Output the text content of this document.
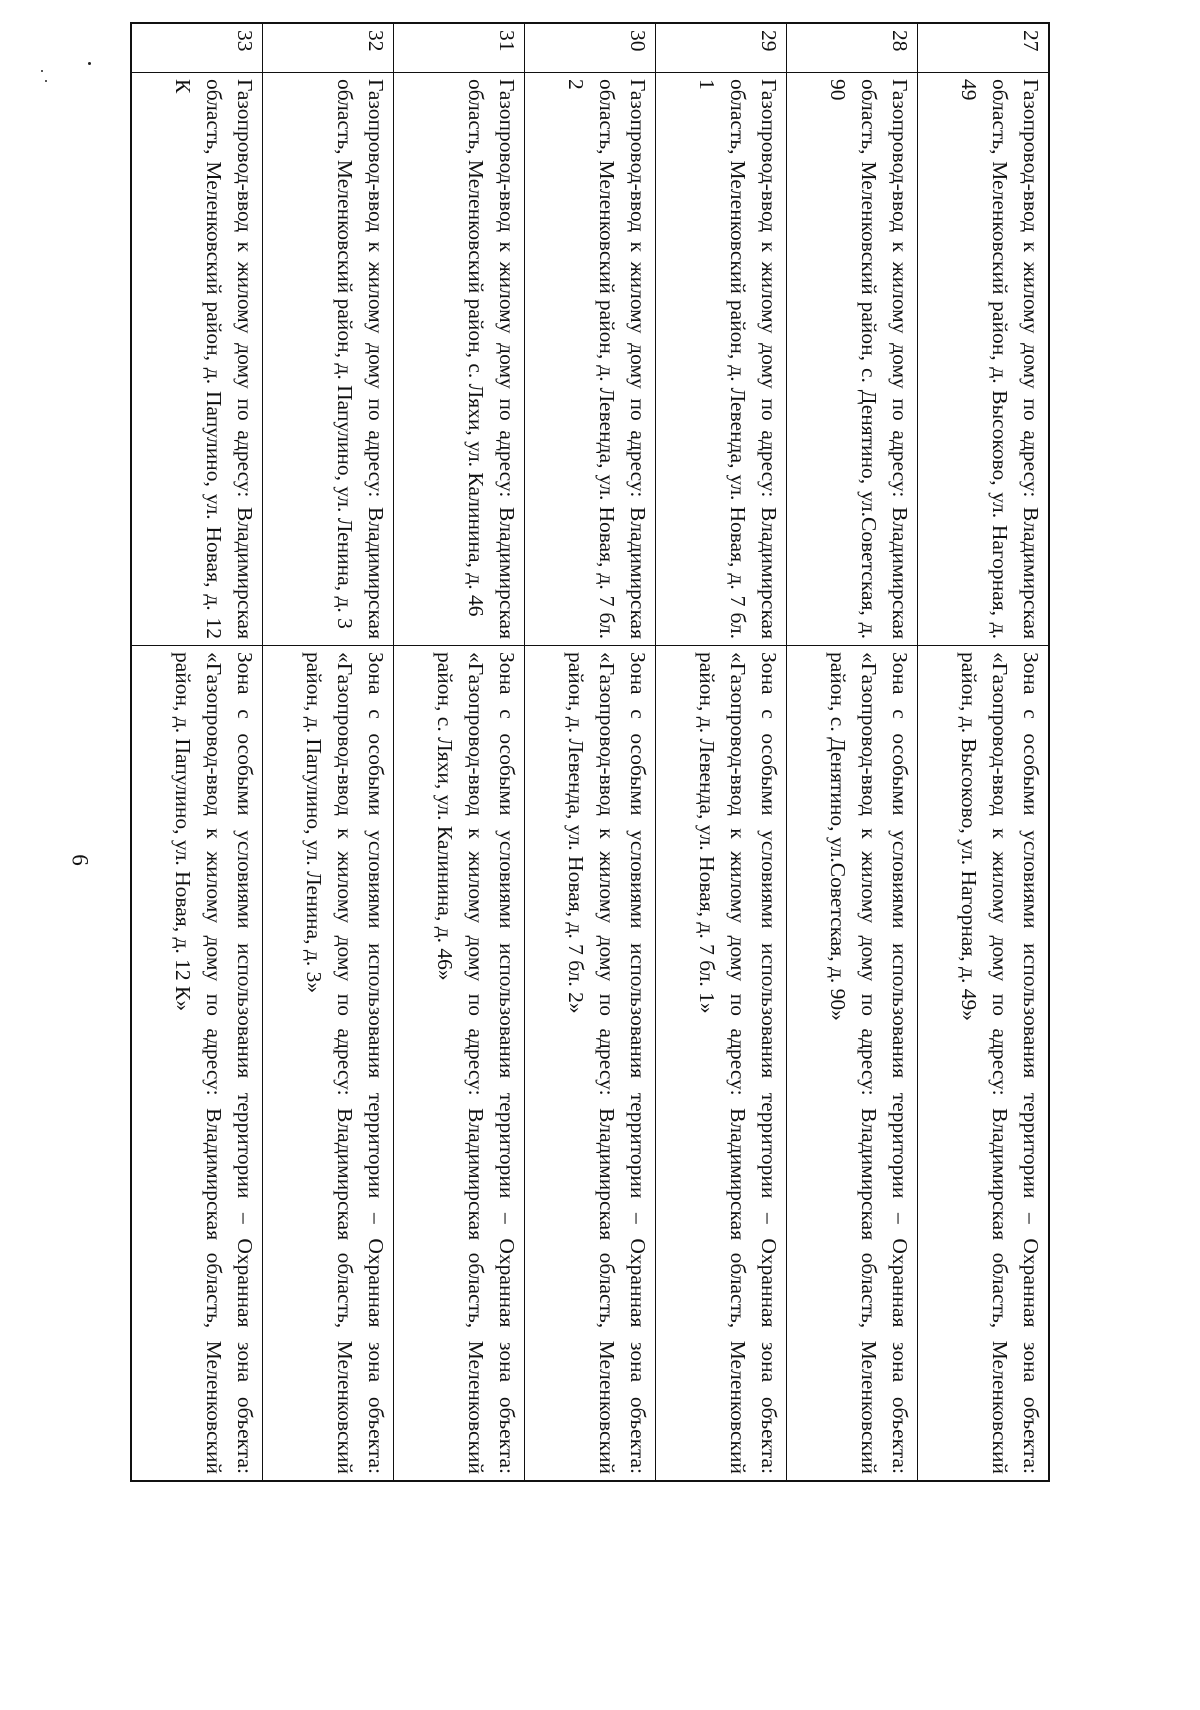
6
27	Газопровод-ввод к жилому дому по адресу: Владимирская область, Меленковский район, д. Высоково, ул. Нагорная, д. 49	Зона с особыми условиями использования территории – Охранная зона объекта: «Газопровод-ввод к жилому дому по адресу: Владимирская область, Меленковский район, д. Высоково, ул. Нагорная, д. 49»
28	Газопровод-ввод к жилому дому по адресу: Владимирская область, Меленковский район, с. Денятино, ул.Советская, д. 90	Зона с особыми условиями использования территории – Охранная зона объекта: «Газопровод-ввод к жилому дому по адресу: Владимирская область, Меленковский район, с. Денятино, ул.Советская, д. 90»
29	Газопровод-ввод к жилому дому по адресу: Владимирская область, Меленковский район, д. Левенда, ул. Новая, д. 7 бл. 1	Зона с особыми условиями использования территории – Охранная зона объекта: «Газопровод-ввод к жилому дому по адресу: Владимирская область, Меленковский район, д. Левенда, ул. Новая, д. 7 бл. 1»
30	Газопровод-ввод к жилому дому по адресу: Владимирская область, Меленковский район, д. Левенда, ул. Новая, д. 7 бл. 2	Зона с особыми условиями использования территории – Охранная зона объекта: «Газопровод-ввод к жилому дому по адресу: Владимирская область, Меленковский район, д. Левенда, ул. Новая, д. 7 бл. 2»
31	Газопровод-ввод к жилому дому по адресу: Владимирская область, Меленковский район, с. Ляхи, ул. Калинина, д. 46	Зона с особыми условиями использования территории – Охранная зона объекта: «Газопровод-ввод к жилому дому по адресу: Владимирская область, Меленковский район, с. Ляхи, ул. Калинина, д. 46»
32	Газопровод-ввод к жилому дому по адресу: Владимирская область, Меленковский район, д. Папулино, ул. Ленина, д. 3	Зона с особыми условиями использования территории – Охранная зона объекта: «Газопровод-ввод к жилому дому по адресу: Владимирская область, Меленковский район, д. Папулино, ул. Ленина, д. 3»
33	Газопровод-ввод к жилому дому по адресу: Владимирская область, Меленковский район, д. Папулино, ул. Новая, д. 12 К	Зона с особыми условиями использования территории – Охранная зона объекта: «Газопровод-ввод к жилому дому по адресу: Владимирская область, Меленковский район, д. Папулино, ул. Новая, д. 12 К»
